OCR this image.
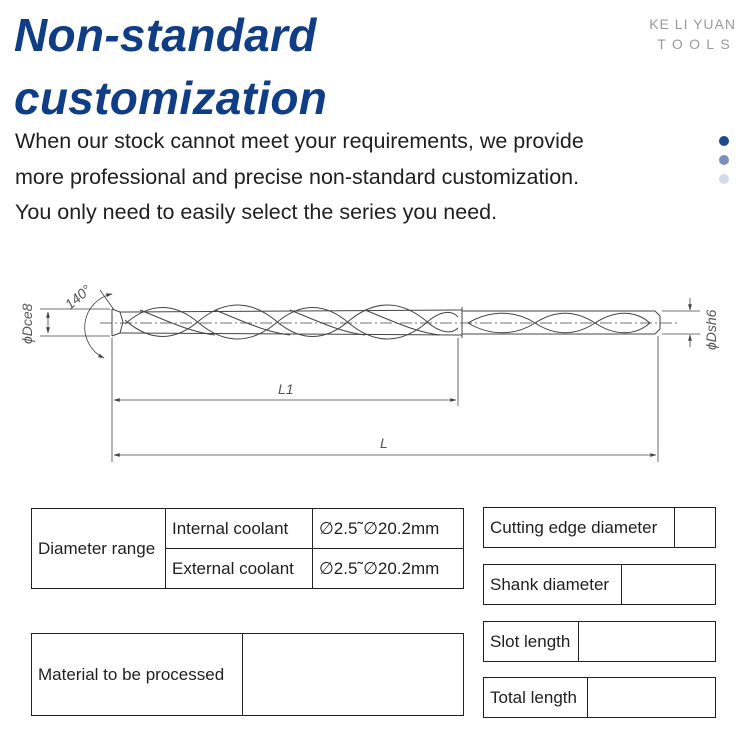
Non-standard
customization
KE LI YUAN
TOOLS

When our stock cannot meet your requirements, we provide
more professional and precise non-standard customization.
You only need to easily select the series you need.

140°
ϕDce8	ϕDsh6
L1
L
Diameter range	Internal coolant	∅2.5˜∅20.2mm
	External coolant	∅2.5˜∅20.2mm
Material to be processed	
Cutting edge diameter	
Shank diameter	
Slot length	
Total length	
